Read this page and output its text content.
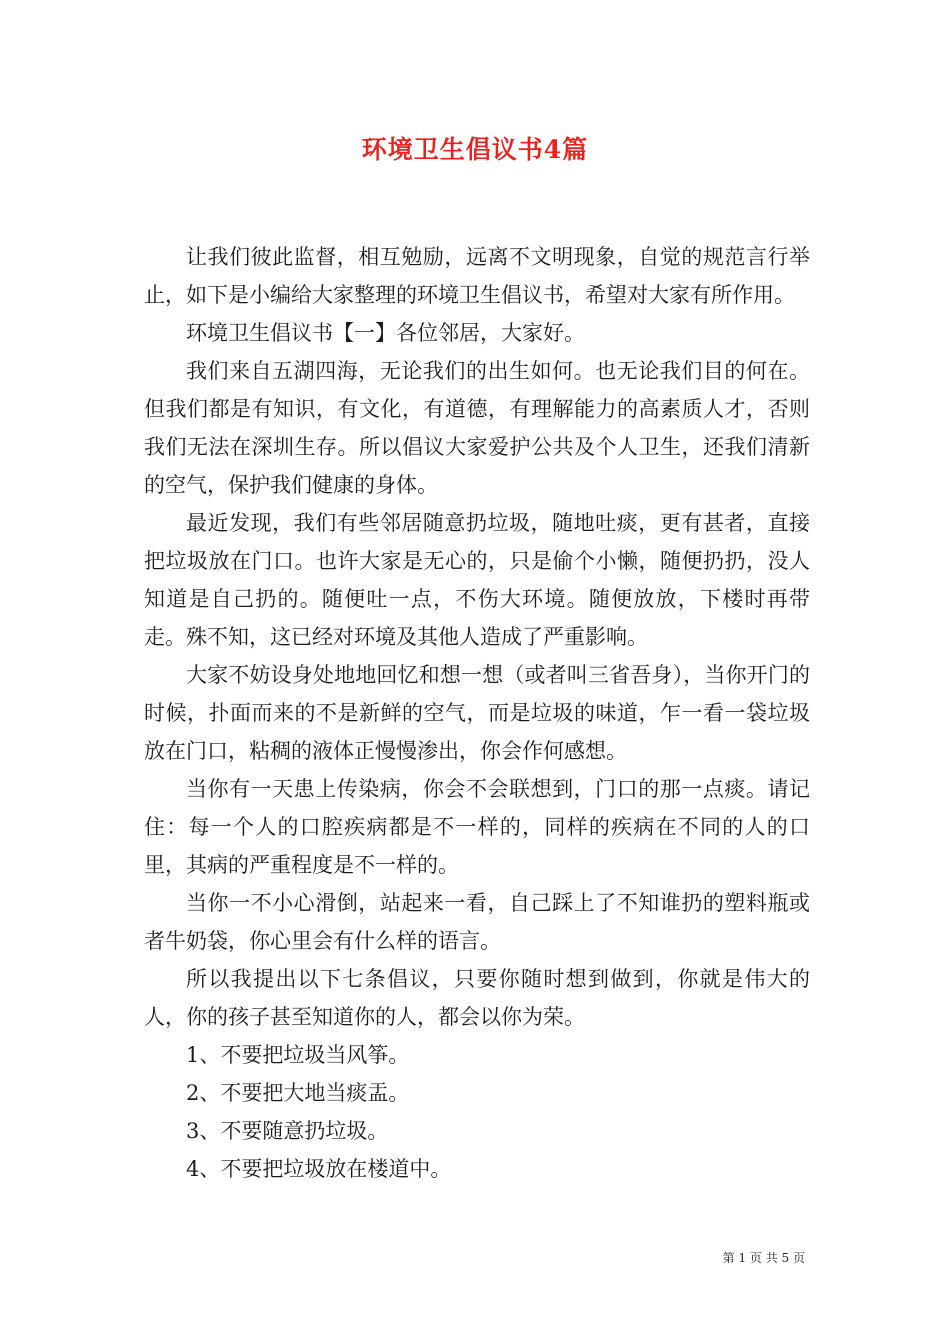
环境卫生倡议书4篇

让我们彼此监督，相互勉励，远离不文明现象，自觉的规范言行举止，如下是小编给大家整理的环境卫生倡议书，希望对大家有所作用。

环境卫生倡议书【一】各位邻居，大家好。

我们来自五湖四海，无论我们的出生如何。也无论我们目的何在。但我们都是有知识，有文化，有道德，有理解能力的高素质人才，否则我们无法在深圳生存。所以倡议大家爱护公共及个人卫生，还我们清新的空气，保护我们健康的身体。

最近发现，我们有些邻居随意扔垃圾，随地吐痰，更有甚者，直接把垃圾放在门口。也许大家是无心的，只是偷个小懒，随便扔扔，没人知道是自己扔的。随便吐一点，不伤大环境。随便放放，下楼时再带走。殊不知，这已经对环境及其他人造成了严重影响。

大家不妨设身处地地回忆和想一想（或者叫三省吾身），当你开门的时候，扑面而来的不是新鲜的空气，而是垃圾的味道，乍一看一袋垃圾放在门口，粘稠的液体正慢慢渗出，你会作何感想。

当你有一天患上传染病，你会不会联想到，门口的那一点痰。请记住：每一个人的口腔疾病都是不一样的，同样的疾病在不同的人的口里，其病的严重程度是不一样的。

当你一不小心滑倒，站起来一看，自己踩上了不知谁扔的塑料瓶或者牛奶袋，你心里会有什么样的语言。

所以我提出以下七条倡议，只要你随时想到做到，你就是伟大的人，你的孩子甚至知道你的人，都会以你为荣。

1、不要把垃圾当风筝。

2、不要把大地当痰盂。

3、不要随意扔垃圾。

4、不要把垃圾放在楼道中。

第 1 页 共 5 页
